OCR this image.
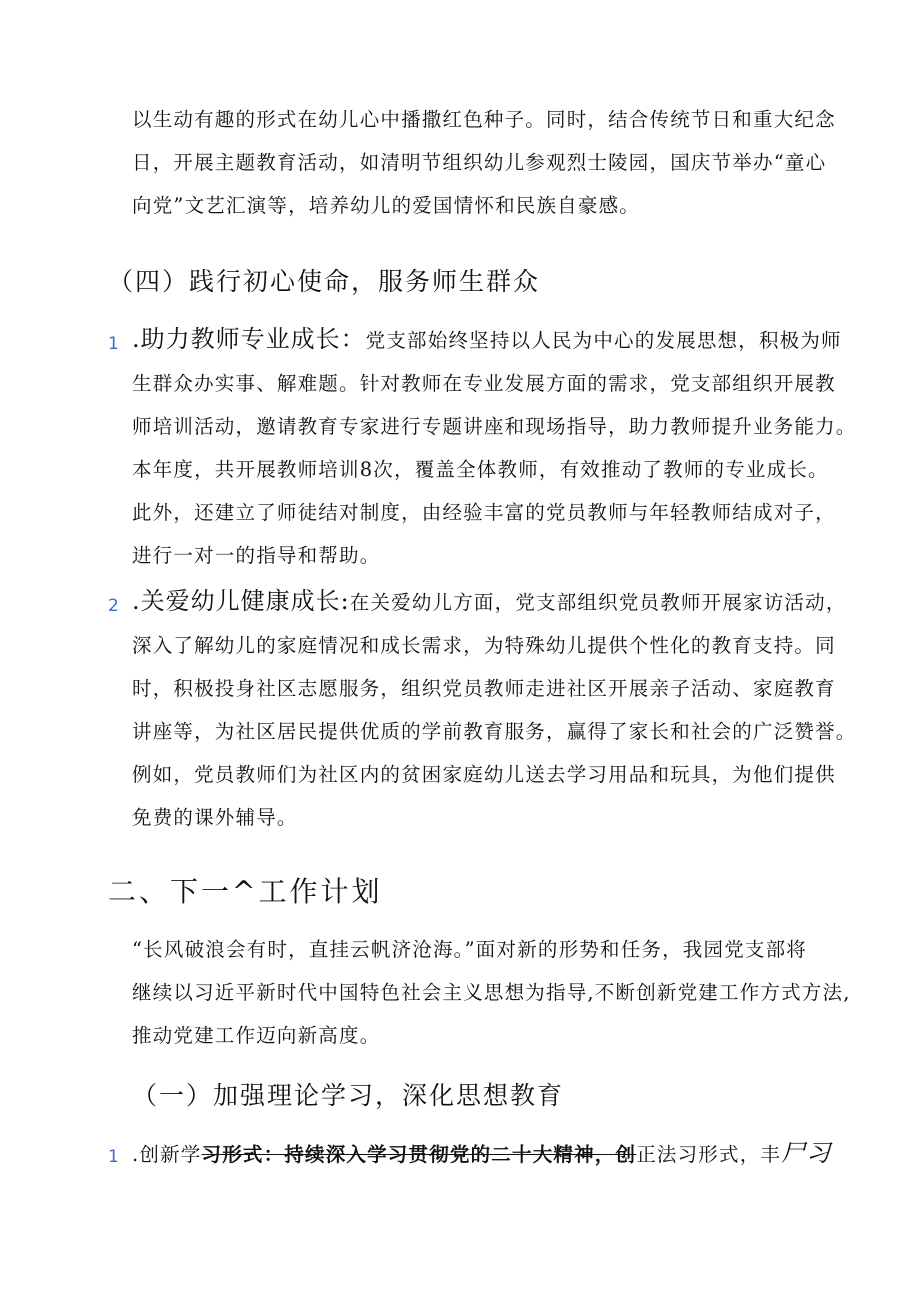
以生动有趣的形式在幼儿心中播撒红色种子。同时，结合传统节日和重大纪念
日，开展主题教育活动，如清明节组织幼儿参观烈士陵园，国庆节举办“童心
向党”文艺汇演等，培养幼儿的爱国情怀和民族自豪感。

（四）践行初心使命，服务师生群众
1 .助力教师专业成长：党支部始终坚持以人民为中心的发展思想，积极为师
生群众办实事、解难题。针对教师在专业发展方面的需求，党支部组织开展教
师培训活动，邀请教育专家进行专题讲座和现场指导，助力教师提升业务能力。
本年度，共开展教师培训8次，覆盖全体教师，有效推动了教师的专业成长。
此外，还建立了师徒结对制度，由经验丰富的党员教师与年轻教师结成对子，
进行一对一的指导和帮助。

2 .关爱幼儿健康成长:在关爱幼儿方面，党支部组织党员教师开展家访活动，
深入了解幼儿的家庭情况和成长需求，为特殊幼儿提供个性化的教育支持。同
时，积极投身社区志愿服务，组织党员教师走进社区开展亲子活动、家庭教育
讲座等，为社区居民提供优质的学前教育服务，赢得了家长和社会的广泛赞誉。
例如，党员教师们为社区内的贫困家庭幼儿送去学习用品和玩具，为他们提供
免费的课外辅导。

二、下一^工作计划

“长风破浪会有时，直挂云帆济沧海。”面对新的形势和任务，我园党支部将
继续以习近平新时代中国特色社会主义思想为指导,不断创新党建工作方式方法,
推动党建工作迈向新高度。

（一）加强理论学习，深化思想教育
1 .创新学习形式：持续深入学习贯彻党的二十大精神，创正法习形式，丰尸习
